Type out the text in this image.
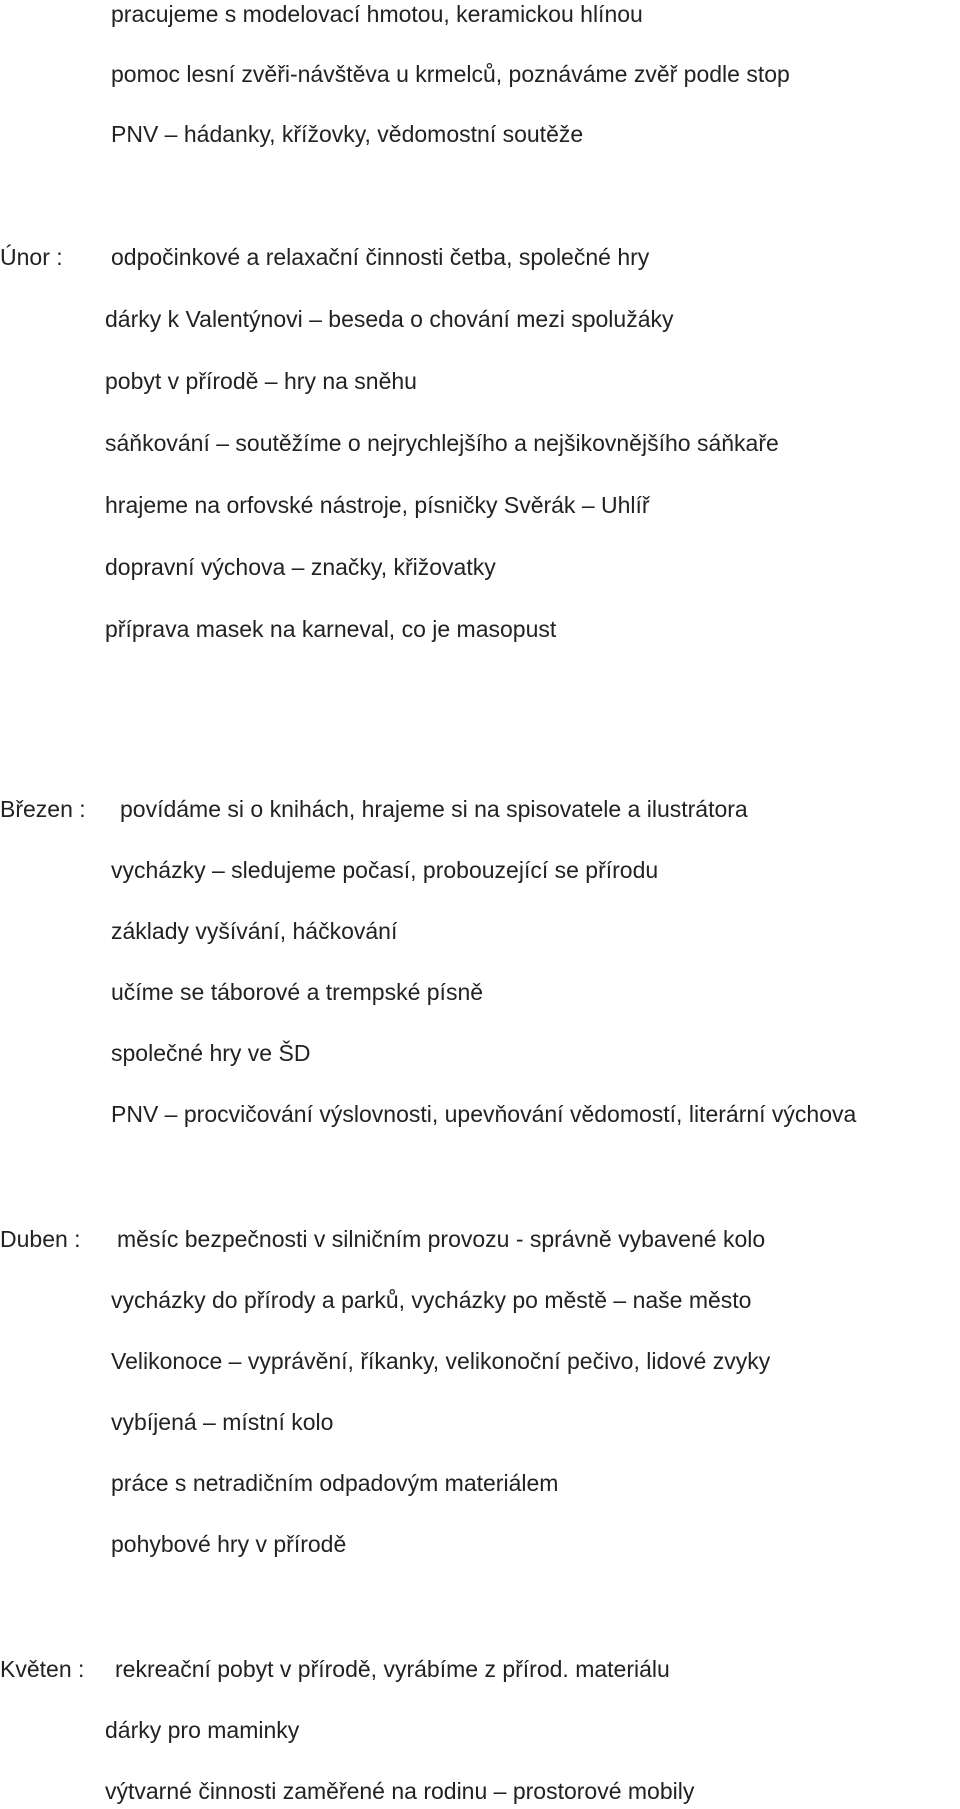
pracujeme s modelovací hmotou, keramickou hlínou
pomoc lesní zvěři-návštěva u krmelců, poznáváme zvěř podle stop
PNV – hádanky, křížovky, vědomostní soutěže
Únor : odpočinkové a relaxační činnosti četba, společné hry
dárky k Valentýnovi – beseda o chování mezi spolužáky
pobyt v přírodě – hry na sněhu
sáňkování – soutěžíme o nejrychlejšího a nejšikovnějšího sáňkaře
hrajeme na orfovské nástroje, písničky Svěrák – Uhlíř
dopravní výchova – značky, křižovatky
příprava masek na karneval, co je masopust
Březen : povídáme si o knihách, hrajeme si na spisovatele a ilustrátora
vycházky – sledujeme počasí, probouzející se přírodu
základy vyšívání, háčkování
učíme se táborové a trempské písně
společné hry ve ŠD
PNV – procvičování výslovnosti, upevňování vědomostí, literární výchova
Duben : měsíc bezpečnosti v silničním provozu - správně vybavené kolo
vycházky do přírody a parků, vycházky po městě – naše město
Velikonoce – vyprávění, říkanky, velikonoční pečivo, lidové zvyky
vybíjená – místní kolo
práce s netradičním odpadovým materiálem
pohybové hry v přírodě
Květen : rekreační pobyt v přírodě, vyrábíme z přírod. materiálu
dárky pro maminky
výtvarné činnosti zaměřené na rodinu – prostorové mobily
